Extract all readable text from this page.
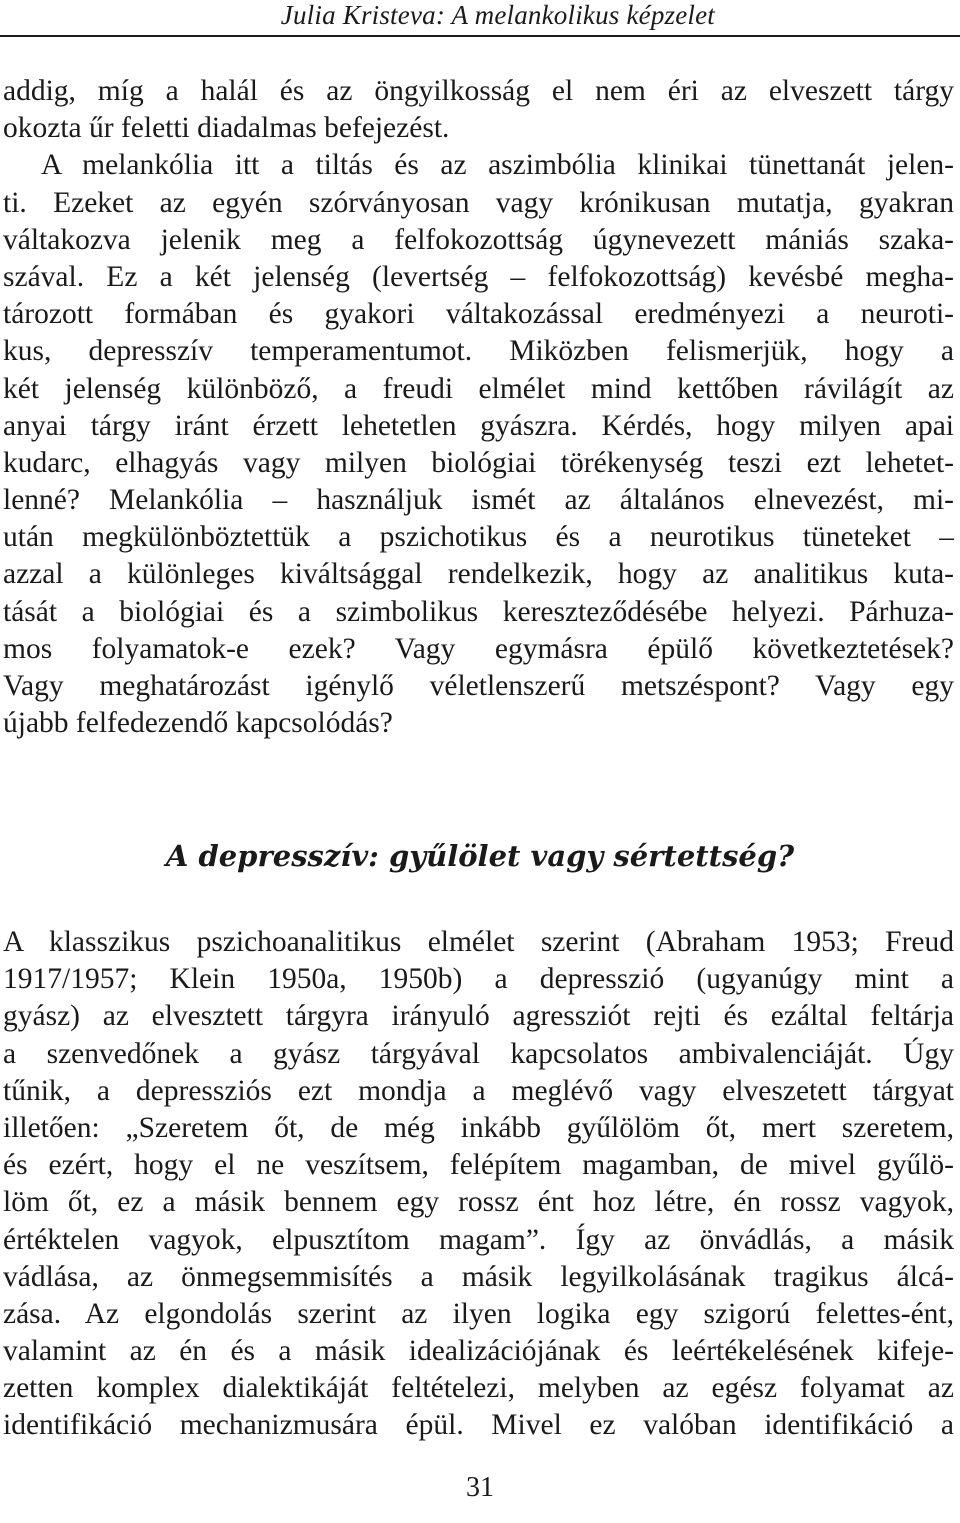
Julia Kristeva: A melankolikus képzelet
addig, míg a halál és az öngyilkosság el nem éri az elveszett tárgy
okozta űr feletti diadalmas befejezést.
A melankólia itt a tiltás és az aszimbólia klinikai tünettanát jelen-
ti. Ezeket az egyén szórványosan vagy krónikusan mutatja, gyakran
váltakozva jelenik meg a felfokozottság úgynevezett mániás szaka-
szával. Ez a két jelenség (levertség – felfokozottság) kevésbé megha-
tározott formában és gyakori váltakozással eredményezi a neuroti-
kus, depresszív temperamentumot. Miközben felismerjük, hogy a
két jelenség különböző, a freudi elmélet mind kettőben rávilágít az
anyai tárgy iránt érzett lehetetlen gyászra. Kérdés, hogy milyen apai
kudarc, elhagyás vagy milyen biológiai törékenység teszi ezt lehetet-
lenné? Melankólia – használjuk ismét az általános elnevezést, mi-
után megkülönböztettük a pszichotikus és a neurotikus tüneteket –
azzal a különleges kiváltsággal rendelkezik, hogy az analitikus kuta-
tását a biológiai és a szimbolikus kereszteződésébe helyezi. Párhuza-
mos folyamatok-e ezek? Vagy egymásra épülő következtetések?
Vagy meghatározást igénylő véletlenszerű metszéspont? Vagy egy
újabb felfedezendő kapcsolódás?
A depresszív: gyűlölet vagy sértettség?
A klasszikus pszichoanalitikus elmélet szerint (Abraham 1953; Freud
1917/1957; Klein 1950a, 1950b) a depresszió (ugyanúgy mint a
gyász) az elvesztett tárgyra irányuló agressziót rejti és ezáltal feltárja
a szenvedőnek a gyász tárgyával kapcsolatos ambivalenciáját. Úgy
tűnik, a depressziós ezt mondja a meglévő vagy elveszetett tárgyat
illetően: „Szeretem őt, de még inkább gyűlölöm őt, mert szeretem,
és ezért, hogy el ne veszítsem, felépítem magamban, de mivel gyűlö-
löm őt, ez a másik bennem egy rossz ént hoz létre, én rossz vagyok,
értéktelen vagyok, elpusztítom magam”. Így az önvádlás, a másik
vádlása, az önmegsemmisítés a másik legyilkolásának tragikus álcá-
zása. Az elgondolás szerint az ilyen logika egy szigorú felettes-ént,
valamint az én és a másik idealizációjának és leértékelésének kifeje-
zetten komplex dialektikáját feltételezi, melyben az egész folyamat az
identifikáció mechanizmusára épül. Mivel ez valóban identifikáció a
31
